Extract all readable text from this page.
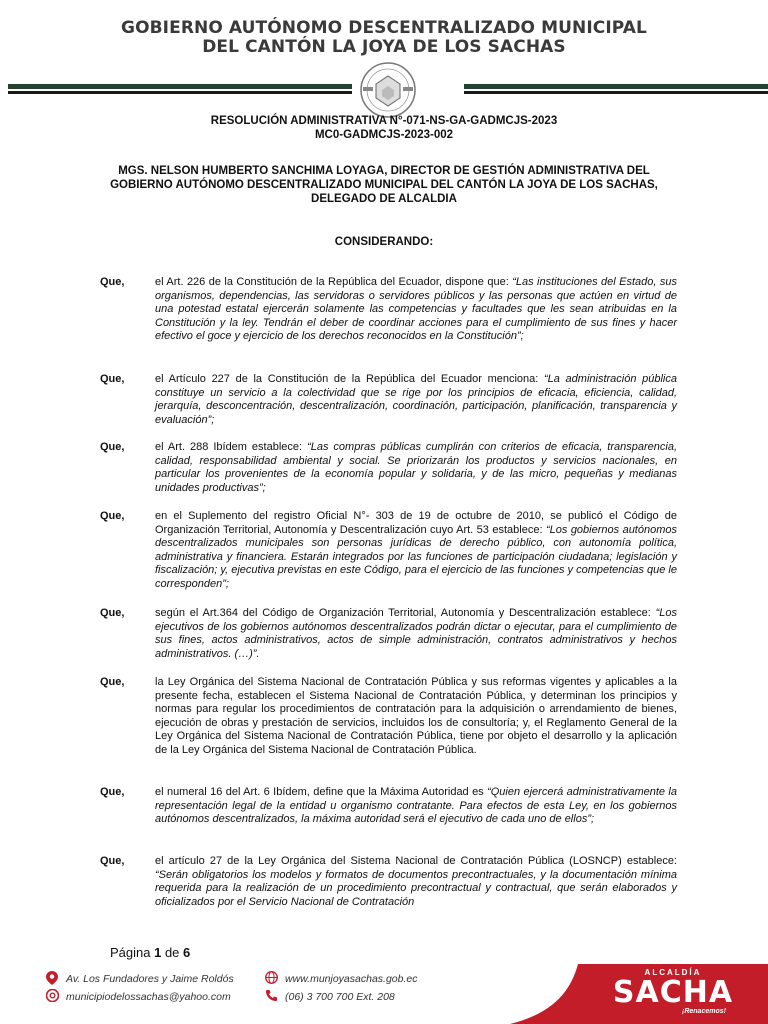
GOBIERNO AUTÓNOMO DESCENTRALIZADO MUNICIPAL
DEL CANTÓN LA JOYA DE LOS SACHAS
RESOLUCIÓN ADMINISTRATIVA N°-071-NS-GA-GADMCJS-2023
MC0-GADMCJS-2023-002
MGS. NELSON HUMBERTO SANCHIMA LOYAGA, DIRECTOR DE GESTIÓN ADMINISTRATIVA DEL
GOBIERNO AUTÓNOMO DESCENTRALIZADO MUNICIPAL DEL CANTÓN LA JOYA DE LOS SACHAS,
DELEGADO DE ALCALDIA
CONSIDERANDO:
Que,	el Art. 226 de la Constitución de la República del Ecuador, dispone que: “Las instituciones del Estado, sus organismos, dependencias, las servidoras o servidores públicos y las personas que actúen en virtud de una potestad estatal ejercerán solamente las competencias y facultades que les sean atribuidas en la Constitución y la ley. Tendrán el deber de coordinar acciones para el cumplimiento de sus fines y hacer efectivo el goce y ejercicio de los derechos reconocidos en la Constitución”;

Que,	el Artículo 227 de la Constitución de la República del Ecuador menciona: “La administración pública constituye un servicio a la colectividad que se rige por los principios de eficacia, eficiencia, calidad, jerarquía, desconcentración, descentralización, coordinación, participación, planificación, transparencia y evaluación”;

Que,	el Art. 288 Ibídem establece: “Las compras públicas cumplirán con criterios de eficacia, transparencia, calidad, responsabilidad ambiental y social. Se priorizarán los productos y servicios nacionales, en particular los provenientes de la economía popular y solidaria, y de las micro, pequeñas y medianas unidades productivas”;

Que,	en el Suplemento del registro Oficial N°- 303 de 19 de octubre de 2010, se publicó el Código de Organización Territorial, Autonomía y Descentralización cuyo Art. 53 establece: “Los gobiernos autónomos descentralizados municipales son personas jurídicas de derecho público, con autonomía política, administrativa y financiera. Estarán integrados por las funciones de participación ciudadana; legislación y fiscalización; y, ejecutiva previstas en este Código, para el ejercicio de las funciones y competencias que le corresponden”;

Que,	según el Art.364 del Código de Organización Territorial, Autonomía y Descentralización establece: “Los ejecutivos de los gobiernos autónomos descentralizados podrán dictar o ejecutar, para el cumplimiento de sus fines, actos administrativos, actos de simple administración, contratos administrativos y hechos administrativos. (…)”.

Que,	la Ley Orgánica del Sistema Nacional de Contratación Pública y sus reformas vigentes y aplicables a la presente fecha, establecen el Sistema Nacional de Contratación Pública, y determinan los principios y normas para regular los procedimientos de contratación para la adquisición o arrendamiento de bienes, ejecución de obras y prestación de servicios, incluidos los de consultoría; y, el Reglamento General de la Ley Orgánica del Sistema Nacional de Contratación Pública, tiene por objeto el desarrollo y la aplicación de la Ley Orgánica del Sistema Nacional de Contratación Pública.

Que,	el numeral 16 del Art. 6 Ibídem, define que la Máxima Autoridad es “Quien ejercerá administrativamente la representación legal de la entidad u organismo contratante. Para efectos de esta Ley, en los gobiernos autónomos descentralizados, la máxima autoridad será el ejecutivo de cada uno de ellos”;

Que,	el artículo 27 de la Ley Orgánica del Sistema Nacional de Contratación Pública (LOSNCP) establece: “Serán obligatorios los modelos y formatos de documentos precontractuales, y la documentación mínima requerida para la realización de un procedimiento precontractual y contractual, que serán elaborados y oficializados por el Servicio Nacional de Contratación

Página 1 de 6
Av. Los Fundadores y Jaime Roldós
municipiodelossachas@yahoo.com
www.munjoyasachas.gob.ec
(06) 3 700 700 Ext. 208
ALCALDÍA
SACHA
¡Renacemos!
